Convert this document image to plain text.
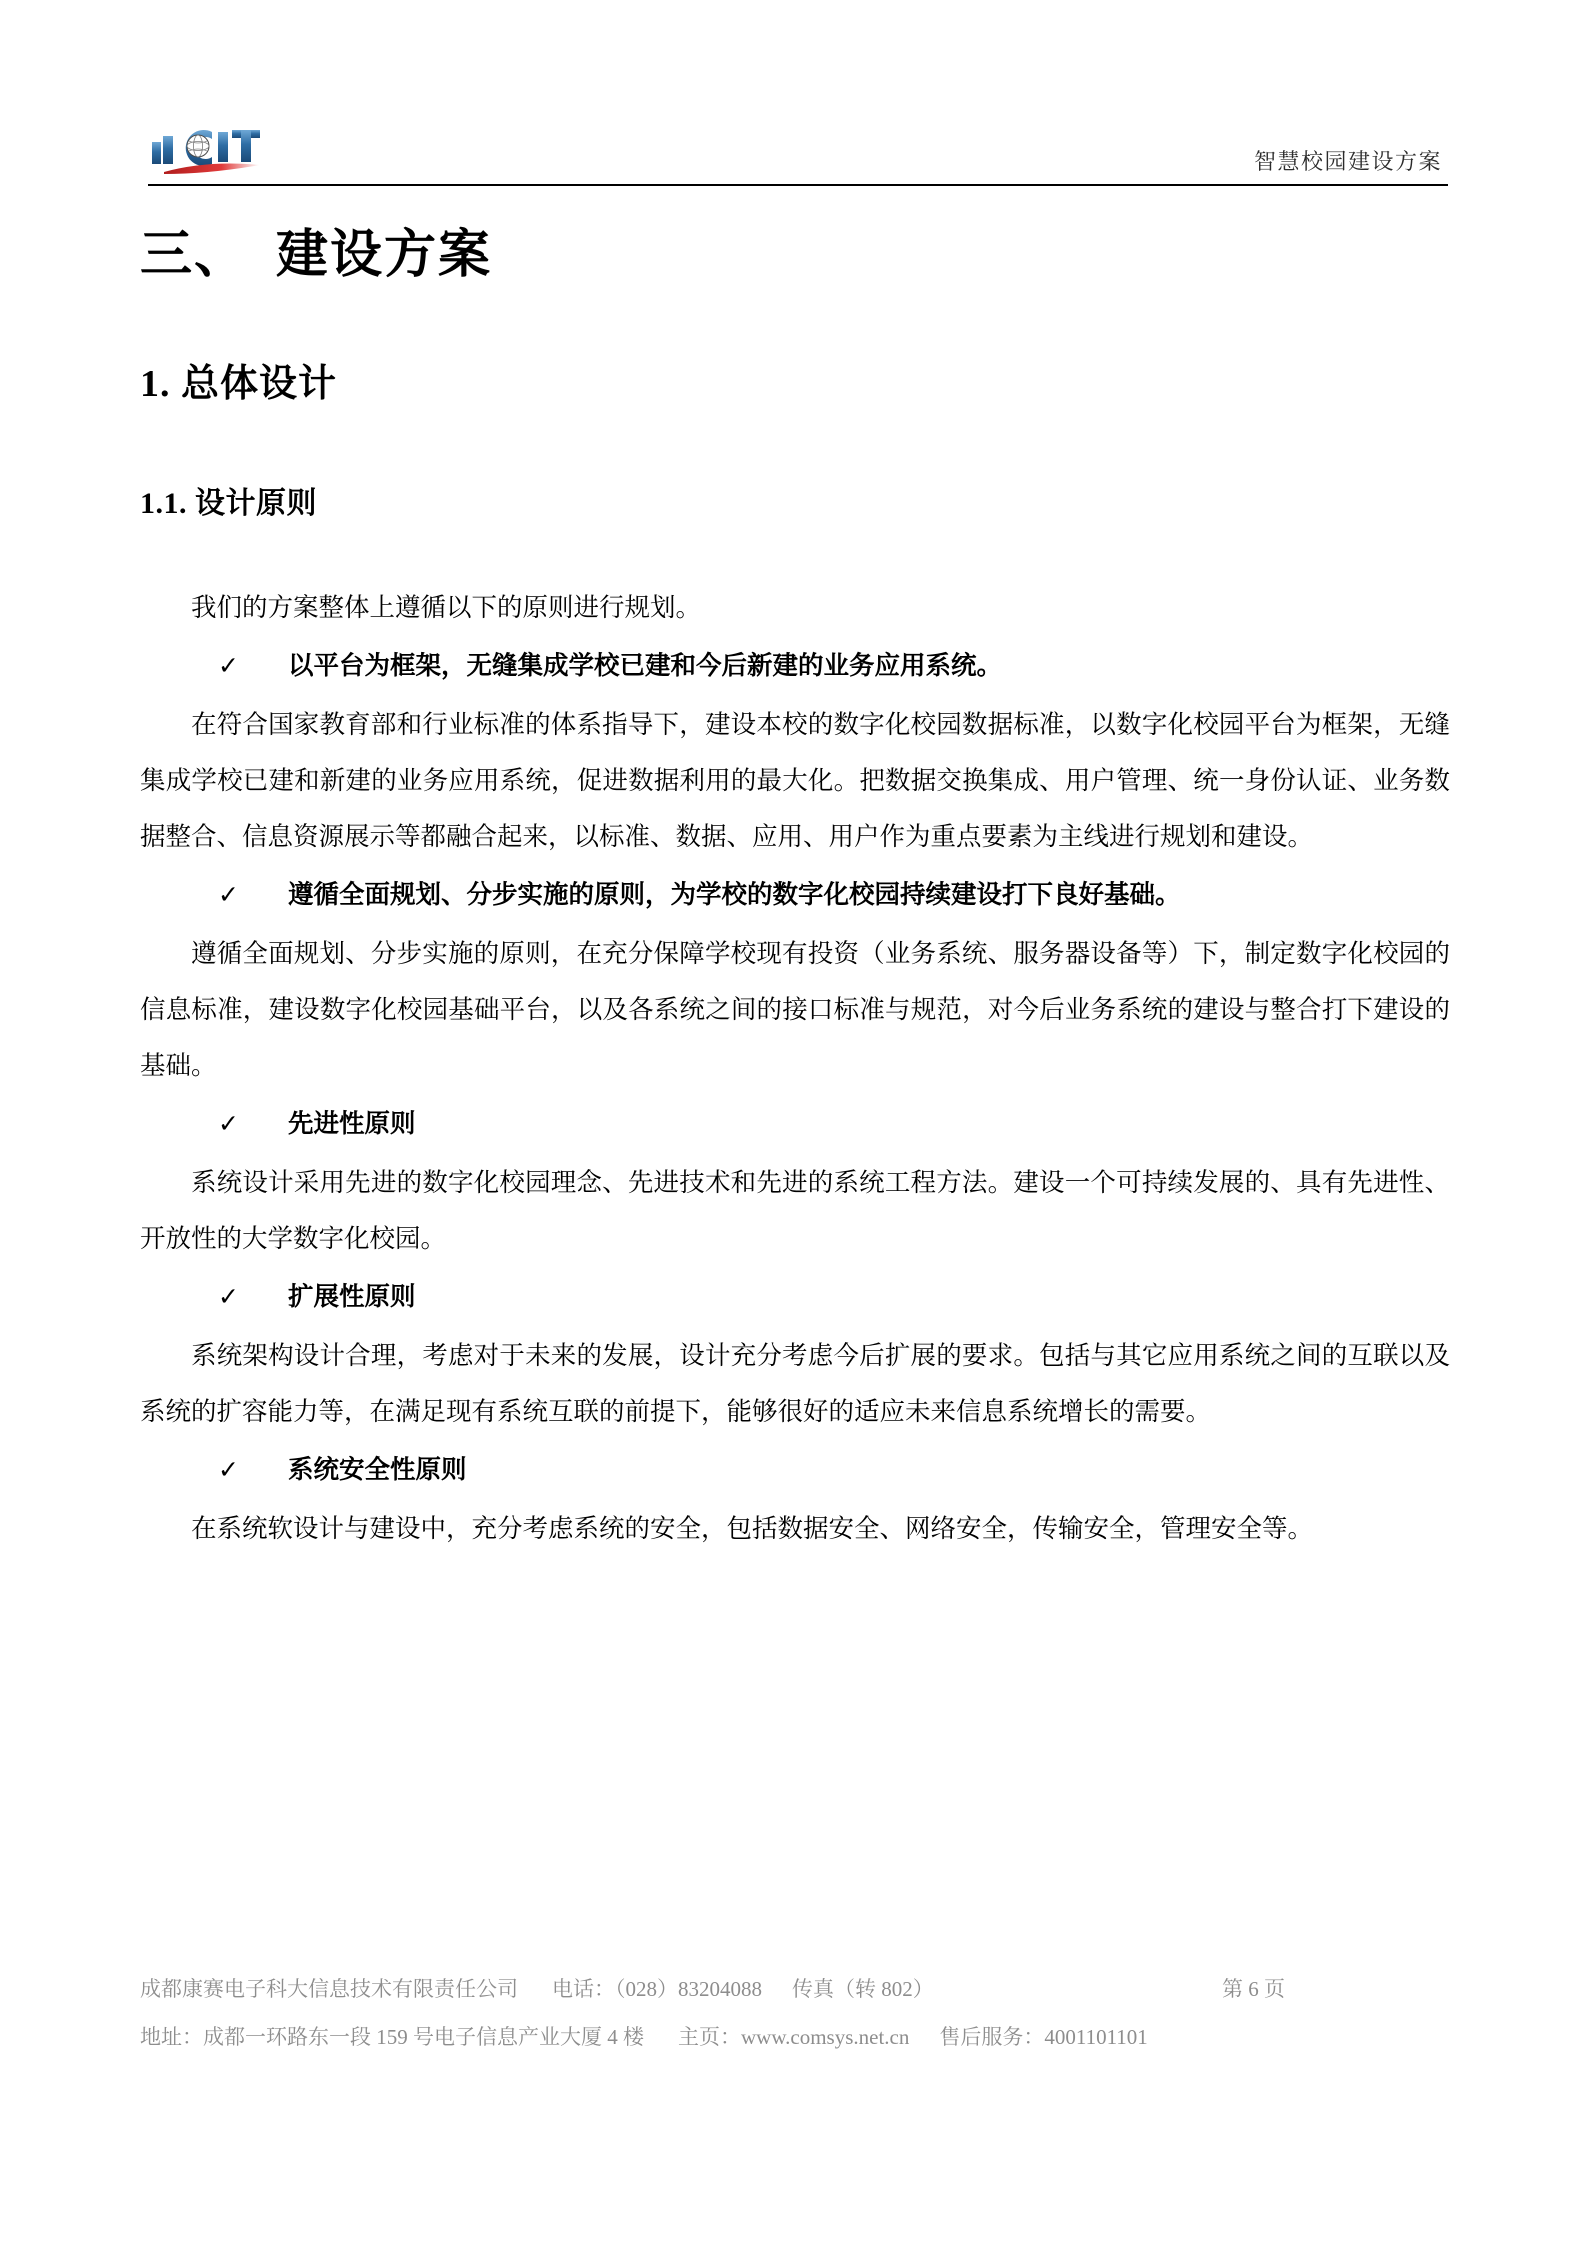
智慧校园建设方案
三、　建设方案
1. 总体设计
1.1. 设计原则

我们的方案整体上遵循以下的原则进行规划。

✓	以平台为框架，无缝集成学校已建和今后新建的业务应用系统。

在符合国家教育部和行业标准的体系指导下，建设本校的数字化校园数据标准，以数字化校园平台为框架，无缝集成学校已建和新建的业务应用系统，促进数据利用的最大化。把数据交换集成、用户管理、统一身份认证、业务数据整合、信息资源展示等都融合起来，以标准、数据、应用、用户作为重点要素为主线进行规划和建设。

✓	遵循全面规划、分步实施的原则，为学校的数字化校园持续建设打下良好基础。

遵循全面规划、分步实施的原则，在充分保障学校现有投资（业务系统、服务器设备等）下，制定数字化校园的信息标准，建设数字化校园基础平台，以及各系统之间的接口标准与规范，对今后业务系统的建设与整合打下建设的基础。

✓	先进性原则

系统设计采用先进的数字化校园理念、先进技术和先进的系统工程方法。建设一个可持续发展的、具有先进性、开放性的大学数字化校园。

✓	扩展性原则

系统架构设计合理，考虑对于未来的发展，设计充分考虑今后扩展的要求。包括与其它应用系统之间的互联以及系统的扩容能力等，在满足现有系统互联的前提下，能够很好的适应未来信息系统增长的需要。

✓	系统安全性原则

在系统软设计与建设中，充分考虑系统的安全，包括数据安全、网络安全，传输安全，管理安全等。

成都康赛电子科大信息技术有限责任公司 电话：（028）83204088 传真（转 802）	第 6 页
地址：成都一环路东一段 159 号电子信息产业大厦 4 楼 主页：www.comsys.net.cn 售后服务：4001101101
